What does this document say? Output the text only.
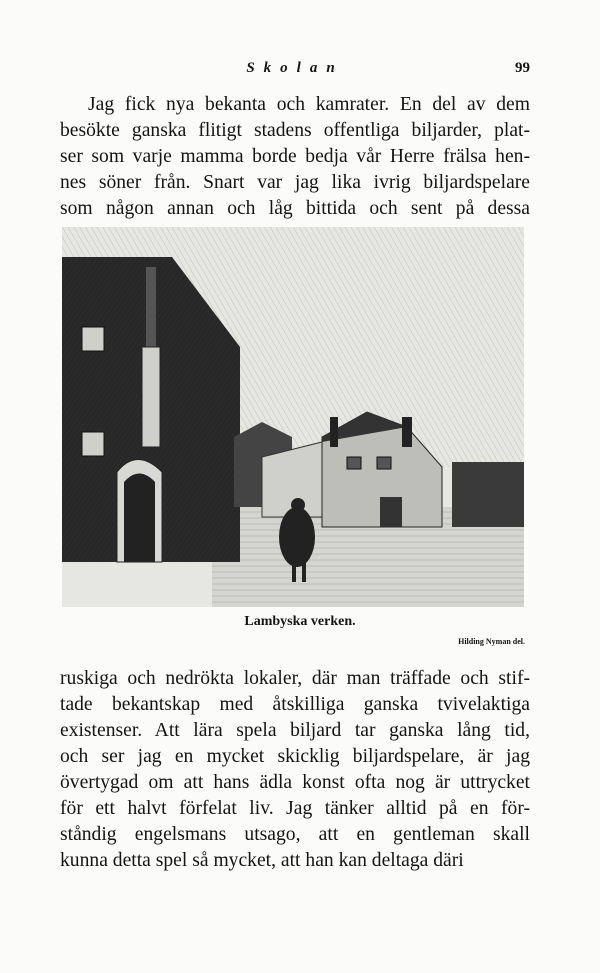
Skolan	99
Jag fick nya bekanta och kamrater. En del av dem
besökte ganska flitigt stadens offentliga biljarder, plat-
ser som varje mamma borde bedja vår Herre frälsa hen-
nes söner från. Snart var jag lika ivrig biljardspelare
som någon annan och låg bittida och sent på dessa
Lambyska verken.
Hilding Nyman del.
ruskiga och nedrökta lokaler, där man träffade och stif-
tade bekantskap med åtskilliga ganska tvivelaktiga
existenser. Att lära spela biljard tar ganska lång tid,
och ser jag en mycket skicklig biljardspelare, är jag
övertygad om att hans ädla konst ofta nog är uttrycket
för ett halvt förfelat liv. Jag tänker alltid på en för-
ståndig engelsmans utsago, att en gentleman skall
kunna detta spel så mycket, att han kan deltaga däri
